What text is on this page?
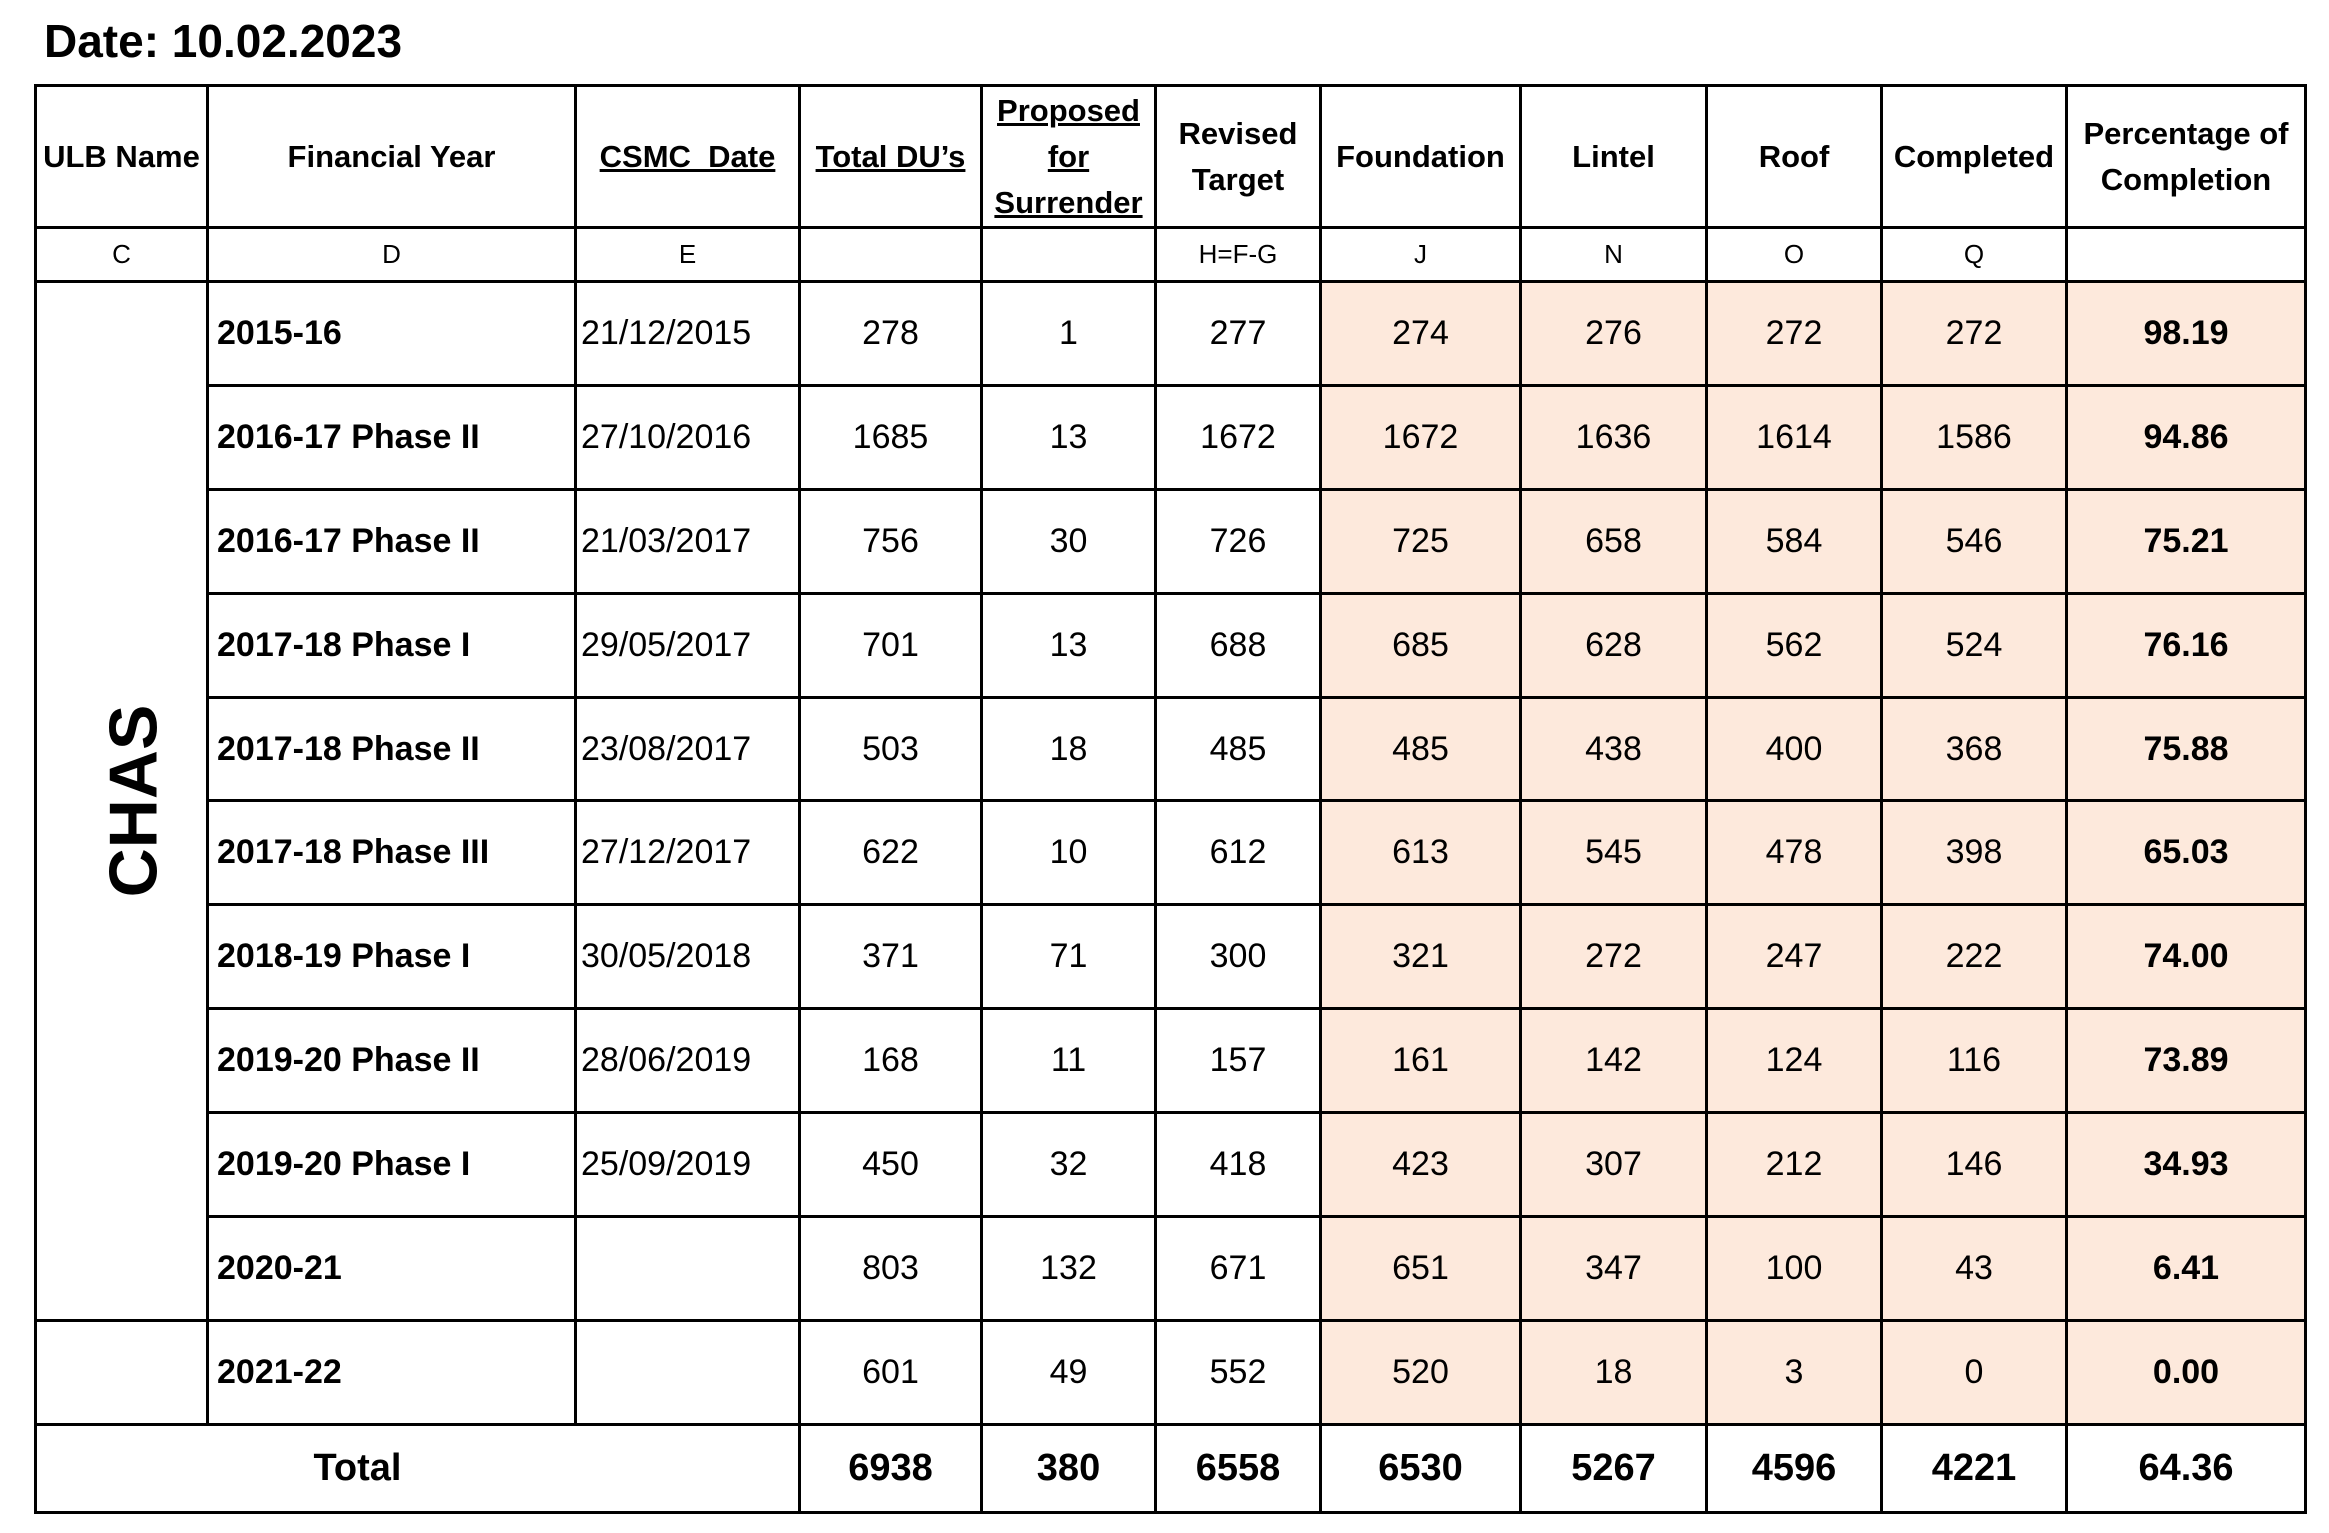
Date: 10.02.2023
ULB Name	Financial Year	CSMC_Date	Total DU’s	Proposed for Surrender	Revised Target	Foundation	Lintel	Roof	Completed	Percentage of Completion
C	D	E			H=F-G	J	N	O	Q	
CHAS	2015-16	21/12/2015	278	1	277	274	276	272	272	98.19
	2016-17 Phase II	27/10/2016	1685	13	1672	1672	1636	1614	1586	94.86
	2016-17 Phase II	21/03/2017	756	30	726	725	658	584	546	75.21
	2017-18 Phase I	29/05/2017	701	13	688	685	628	562	524	76.16
	2017-18 Phase II	23/08/2017	503	18	485	485	438	400	368	75.88
	2017-18 Phase III	27/12/2017	622	10	612	613	545	478	398	65.03
	2018-19 Phase I	30/05/2018	371	71	300	321	272	247	222	74.00
	2019-20 Phase II	28/06/2019	168	11	157	161	142	124	116	73.89
	2019-20 Phase I	25/09/2019	450	32	418	423	307	212	146	34.93
	2020-21		803	132	671	651	347	100	43	6.41
	2021-22		601	49	552	520	18	3	0	0.00
Total			6938	380	6558	6530	5267	4596	4221	64.36
